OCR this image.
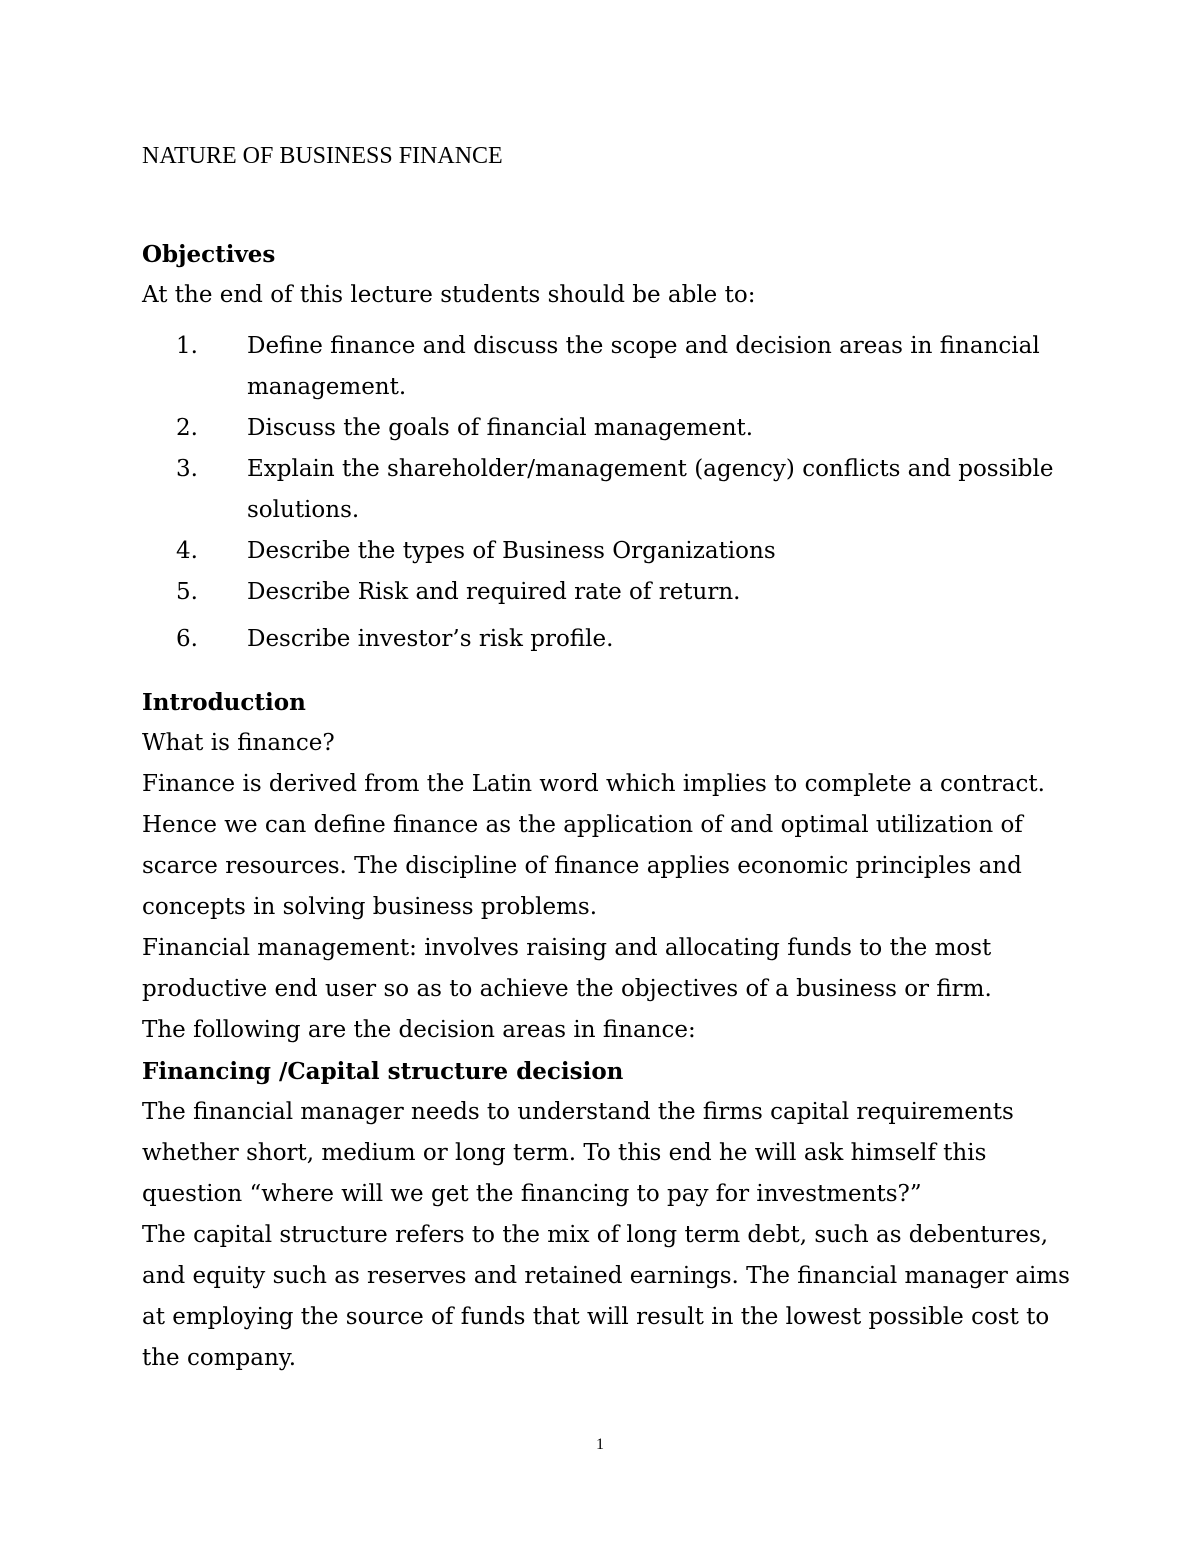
NATURE OF BUSINESS FINANCE

Objectives

At the end of this lecture students should be able to:

1. Define finance and discuss the scope and decision areas in financial management.
2. Discuss the goals of financial management.
3. Explain the shareholder/management (agency) conflicts and possible solutions.
4. Describe the types of Business Organizations
5. Describe Risk and required rate of return.
6. Describe investor’s risk profile.

Introduction

What is finance?

Finance is derived from the Latin word which implies to complete a contract. Hence we can define finance as the application of and optimal utilization of scarce resources. The discipline of finance applies economic principles and concepts in solving business problems.

Financial management: involves raising and allocating funds to the most productive end user so as to achieve the objectives of a business or firm.

The following are the decision areas in finance:

Financing /Capital structure decision

The financial manager needs to understand the firms capital requirements whether short, medium or long term. To this end he will ask himself this question “where will we get the financing to pay for investments?”

The capital structure refers to the mix of long term debt, such as debentures, and equity such as reserves and retained earnings. The financial manager aims at employing the source of funds that will result in the lowest possible cost to the company.

1
